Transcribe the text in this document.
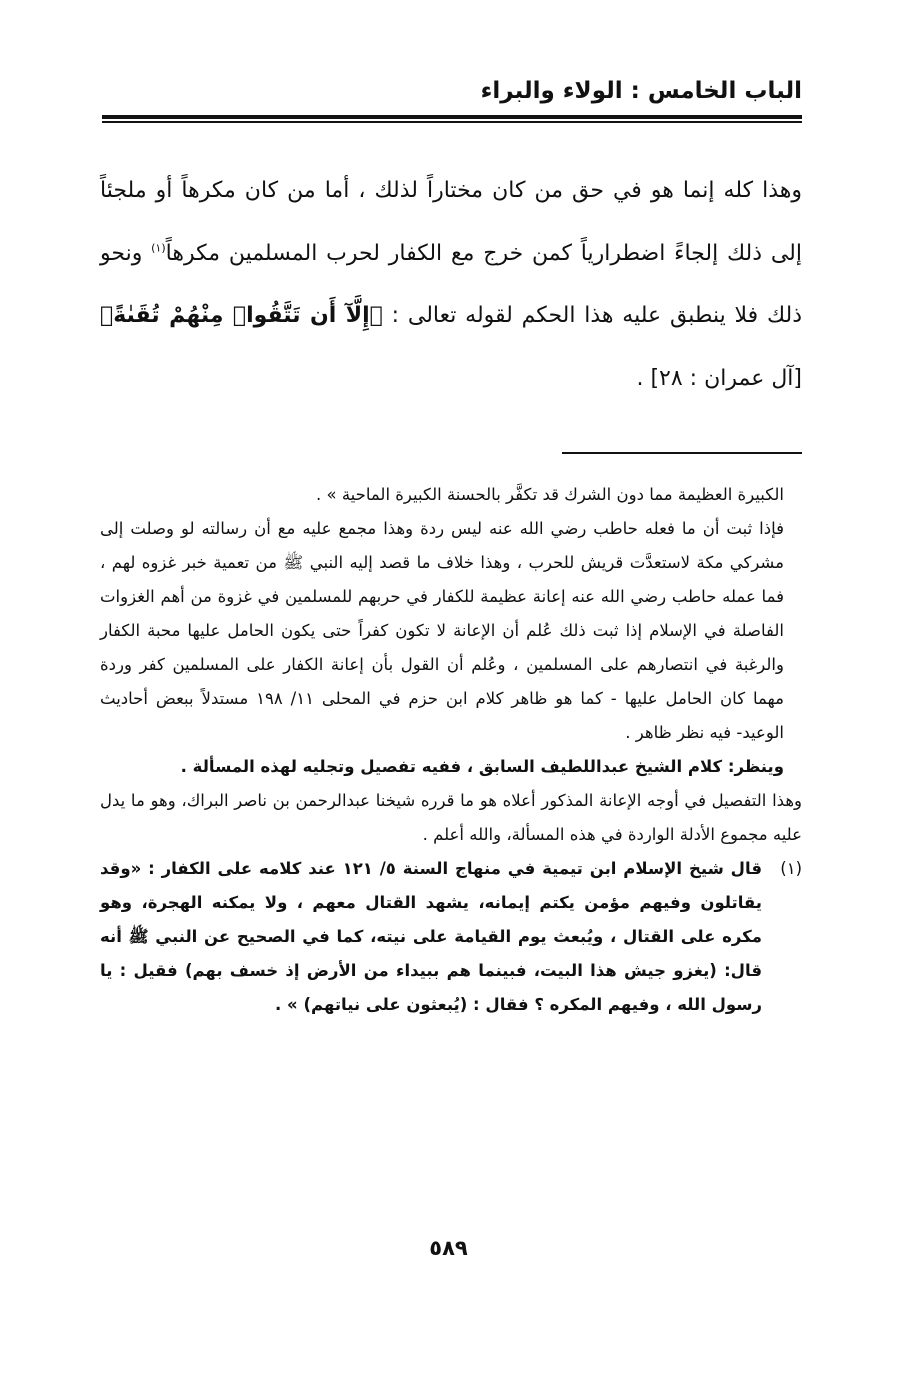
الباب الخامس : الولاء والبراء

وهذا كله إنما هو في حق من كان مختاراً لذلك ، أما من كان مكرهاً أو ملجئاً إلى ذلك إلجاءً اضطرارياً كمن خرج مع الكفار لحرب المسلمين مكرهاً$^{(١)}$ ونحو ذلك فلا ينطبق عليه هذا الحكم لقوله تعالى : ﴿إِلَّآ أَن تَتَّقُوا۟ مِنْهُمْ تُقَىٰةً﴾ [آل عمران : ٢٨] .

الكبيرة العظيمة مما دون الشرك قد تكفَّر بالحسنة الكبيرة الماحية » .

فإذا ثبت أن ما فعله حاطب رضي الله عنه ليس ردة وهذا مجمع عليه مع أن رسالته لو وصلت إلى مشركي مكة لاستعدَّت قريش للحرب ، وهذا خلاف ما قصد إليه النبي ﷺ من تعمية خبر غزوه لهم ، فما عمله حاطب رضي الله عنه إعانة عظيمة للكفار في حربهم للمسلمين في غزوة من أهم الغزوات الفاصلة في الإسلام إذا ثبت ذلك عُلم أن الإعانة لا تكون كفراً حتى يكون الحامل عليها محبة الكفار والرغبة في انتصارهم على المسلمين ، وعُلم أن القول بأن إعانة الكفار على المسلمين كفر وردة مهما كان الحامل عليها - كما هو ظاهر كلام ابن حزم في المحلى ١١/ ١٩٨ مستدلاً ببعض أحاديث الوعيد- فيه نظر ظاهر .

وينظر: كلام الشيخ عبداللطيف السابق ، ففيه تفصيل وتجليه لهذه المسألة .

وهذا التفصيل في أوجه الإعانة المذكور أعلاه هو ما قرره شيخنا عبدالرحمن بن ناصر البراك، وهو ما يدل عليه مجموع الأدلة الواردة في هذه المسألة، والله أعلم .

(١)
قال شيخ الإسلام ابن تيمية في منهاج السنة ٥/ ١٢١ عند كلامه على الكفار : «وقد يقاتلون وفيهم مؤمن يكتم إيمانه، يشهد القتال معهم ، ولا يمكنه الهجرة، وهو مكره على القتال ، ويُبعث يوم القيامة على نيته، كما في الصحيح عن النبي ﷺ أنه قال: (يغزو جيش هذا البيت، فبينما هم ببيداء من الأرض إذ خسف بهم) فقيل : يا رسول الله ، وفيهم المكره ؟ فقال : (يُبعثون على نياتهم) » .

٥٨٩
